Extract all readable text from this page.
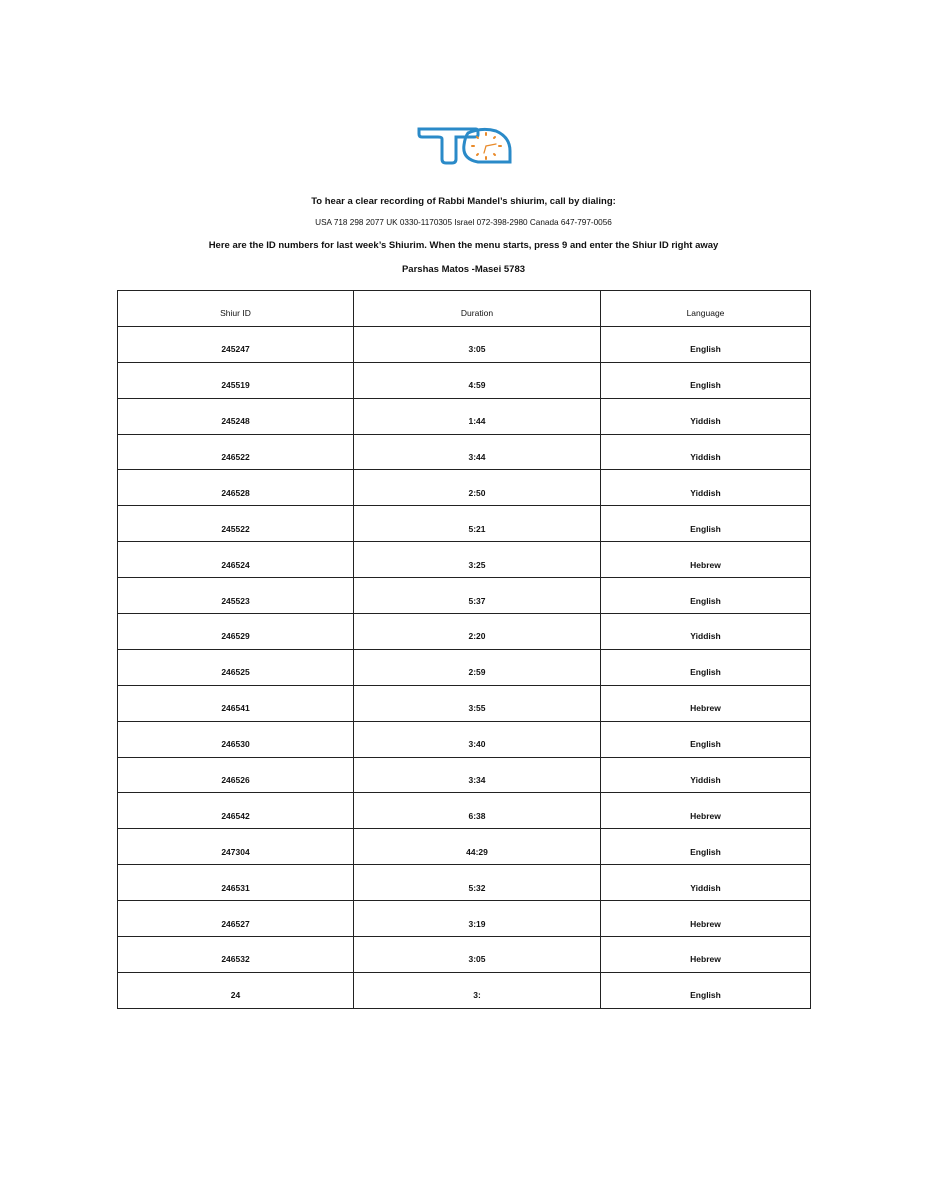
To hear a clear recording of Rabbi Mandel’s shiurim, call by dialing:
USA 718 298 2077 UK 0330-1170305 Israel 072-398-2980 Canada 647-797-0056
Here are the ID numbers for last week’s Shiurim. When the menu starts, press 9 and enter the Shiur ID right away
Parshas Matos -Masei 5783
Shiur ID	Duration	Language
245247	3:05	English
245519	4:59	English
245248	1:44	Yiddish
246522	3:44	Yiddish
246528	2:50	Yiddish
245522	5:21	English
246524	3:25	Hebrew
245523	5:37	English
246529	2:20	Yiddish
246525	2:59	English
246541	3:55	Hebrew
246530	3:40	English
246526	3:34	Yiddish
246542	6:38	Hebrew
247304	44:29	English
246531	5:32	Yiddish
246527	3:19	Hebrew
246532	3:05	Hebrew
24	3:	English
